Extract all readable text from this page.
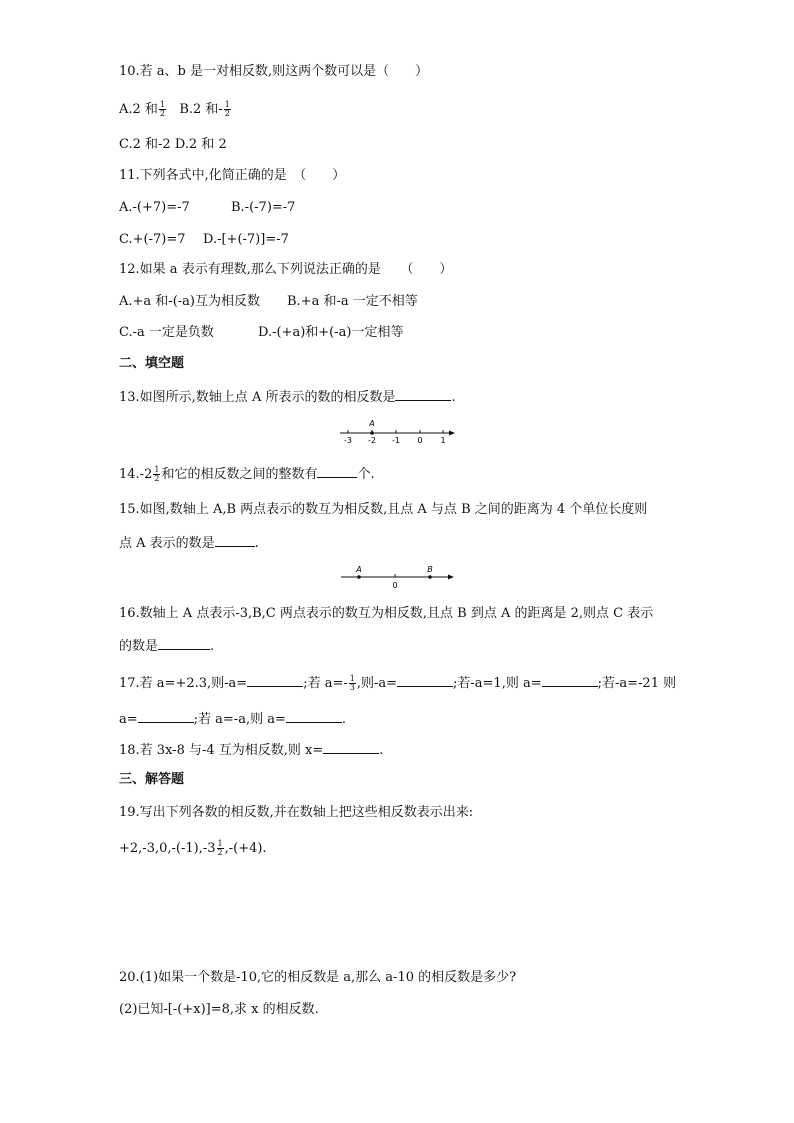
10.若 a、b 是一对相反数,则这两个数可以是（　　）
A.2 和 $\frac{1}{2} B.2$ 和- $\frac{1}{2}$
C.2 和-2 D.2 和 2
11.下列各式中,化简正确的是　（　　）
A.-(+7)=-7	B.-(-7)=-7
C.+(-7)=7 D.-[+(-7)]=-7
12.如果 a 表示有理数,那么下列说法正确的是　　（　　）
A.+a 和-(-a)互为相反数 B.+a 和-a 一定不相等
C.-a 一定是负数	D.-(+a)和+(-a)一定相等
二、填空题
13.如图所示,数轴上点 A 所表示的数的相反数是	.
A
-3 -2 -1 0 1
$14.-2 \frac{1}{2}$ 和它的相反数之间的整数有	个.
15.如图,数轴上 A,B 两点表示的数互为相反数,且点 A 与点 B 之间的距离为 4 个单位长度则
点 A 表示的数是	.
A	B
0
16.数轴上 A 点表示-3,B,C 两点表示的数互为相反数,且点 B 到点 A 的距离是 2,则点 C 表示
的数是	.
17.若 a=+2.3,则-a=	;若 $a=- \frac{1}{3}$ ,则-a=	;若-a=1,则 a=	;若-a=-21 则
a=	;若 a=-a,则 a=	.
18.若 3x-8 与-4 互为相反数,则 x=	.
三、解答题
19.写出下列各数的相反数,并在数轴上把这些相反数表示出来:
$+2,-3,0,-(-1),-3 \frac{1}{2} ,-(+4)$.
20.(1)如果一个数是-10,它的相反数是 a,那么 a-10 的相反数是多少?
(2)已知-[-(+x)]=8,求 x 的相反数.
